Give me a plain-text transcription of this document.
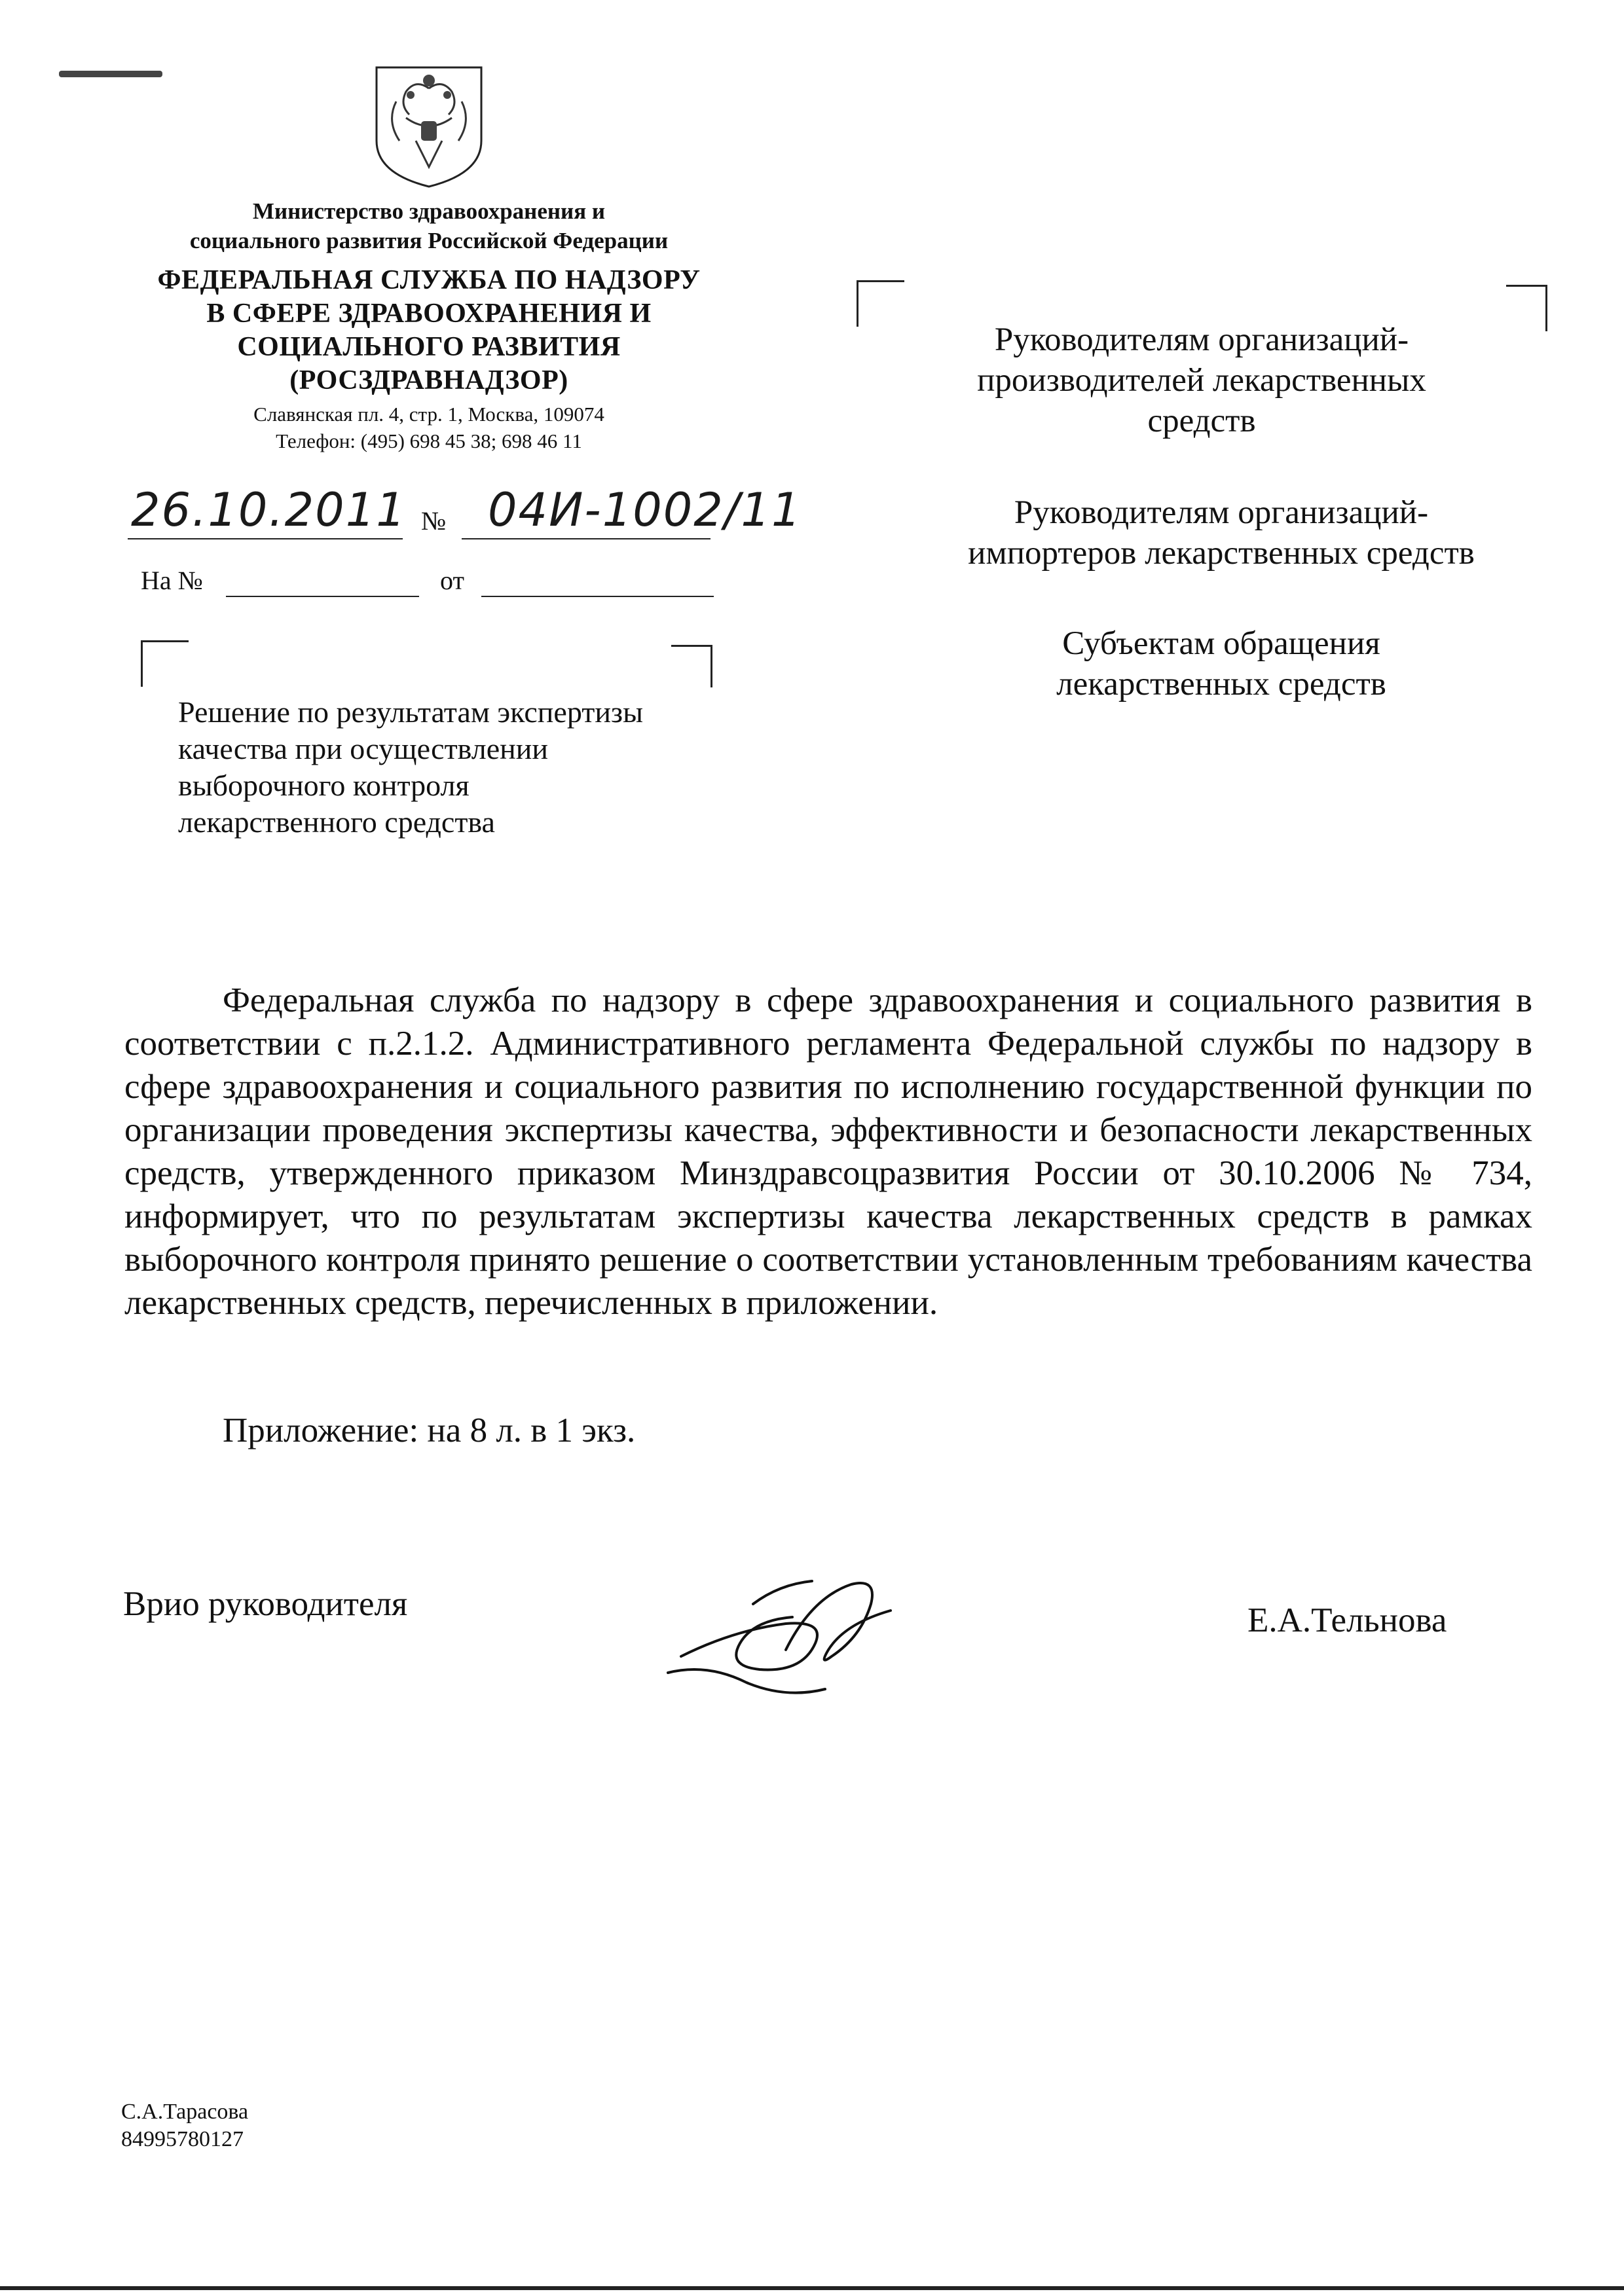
Министерство здравоохранения и
социального развития Российской Федерации
ФЕДЕРАЛЬНАЯ СЛУЖБА ПО НАДЗОРУ
В СФЕРЕ ЗДРАВООХРАНЕНИЯ И
СОЦИАЛЬНОГО РАЗВИТИЯ
(РОСЗДРАВНАДЗОР)
Славянская пл. 4, стр. 1, Москва, 109074
Телефон: (495) 698 45 38; 698 46 11
26.10.2011 № 04И-1002/11
На №	от
Решение по результатам экспертизы
качества при осуществлении
выборочного контроля
лекарственного средства
Руководителям организаций-
производителей лекарственных
средств
Руководителям организаций-
импортеров лекарственных средств
Субъектам обращения
лекарственных средств
Федеральная служба по надзору в сфере здравоохранения и социального развития в соответствии с п.2.1.2. Административного регламента Федеральной службы по надзору в сфере здравоохранения и социального развития по исполнению государственной функции по организации проведения экспертизы качества, эффективности и безопасности лекарственных средств, утвержденного приказом Минздравсоцразвития России от 30.10.2006 № 734, информирует, что по результатам экспертизы качества лекарственных средств в рамках выборочного контроля принято решение о соответствии установленным требованиям качества лекарственных средств, перечисленных в приложении.
Приложение: на 8 л. в 1 экз.
Врио руководителя	Е.А.Тельнова
С.А.Тарасова
84995780127
